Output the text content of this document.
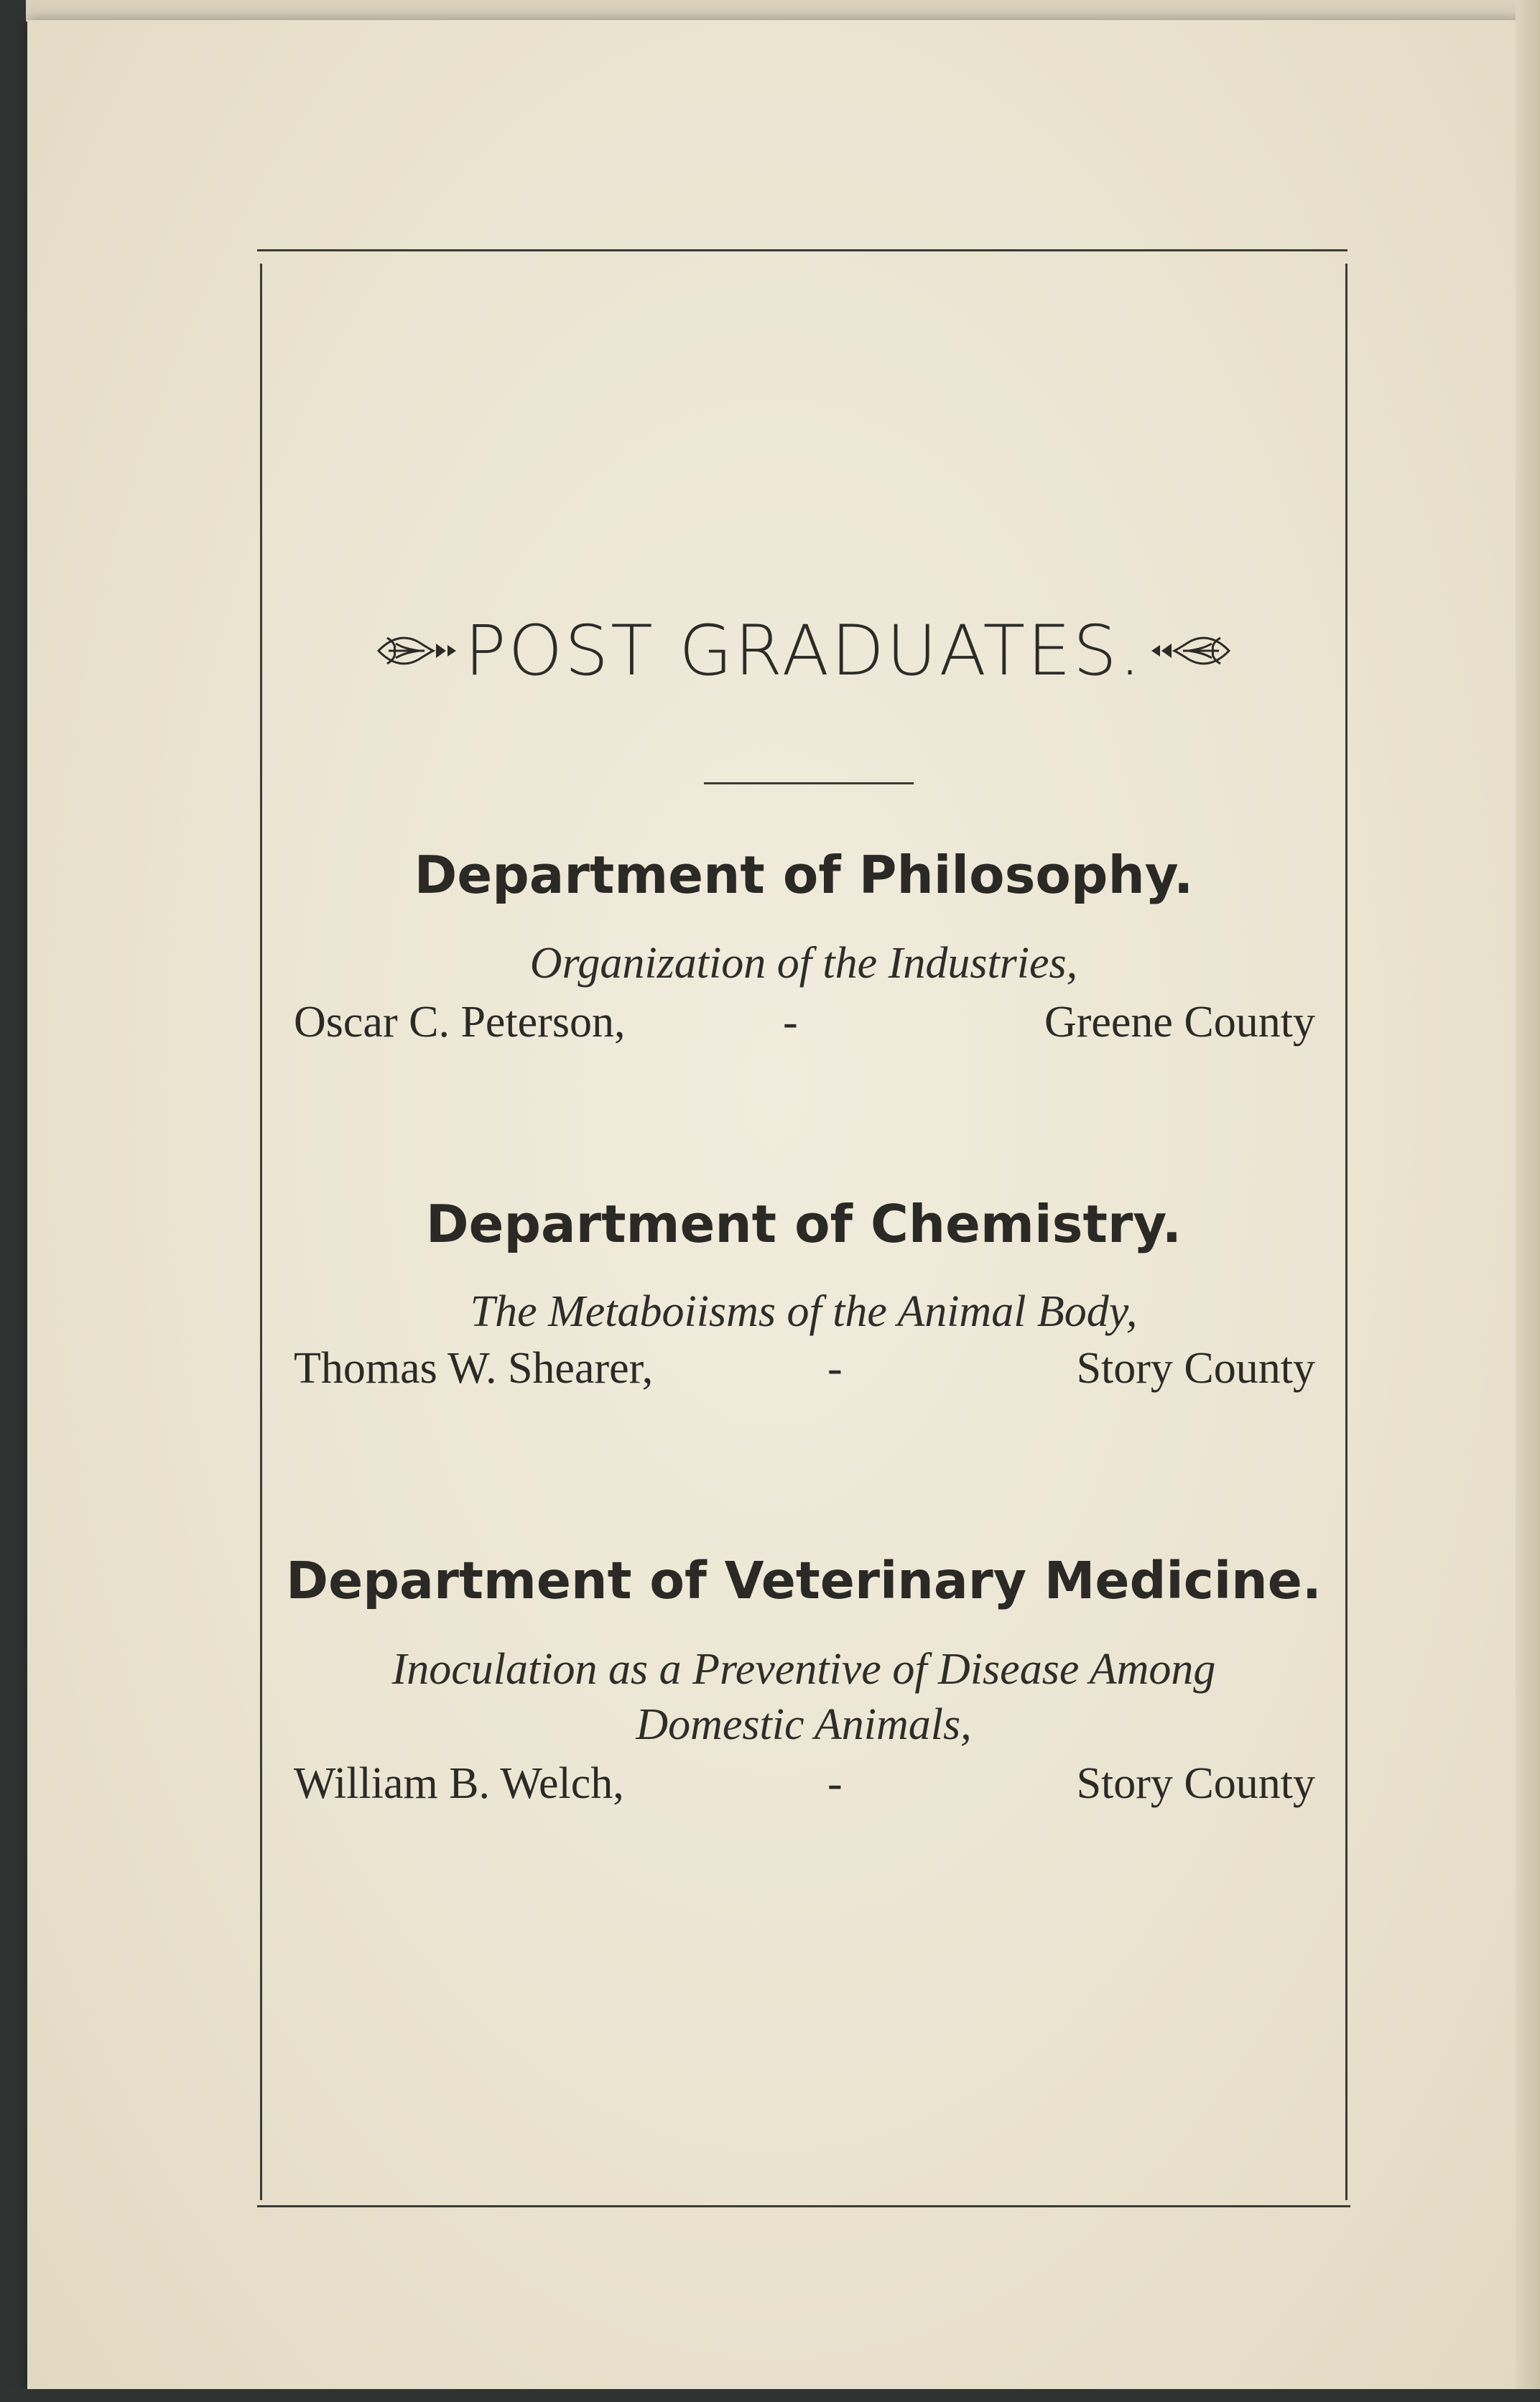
POST GRADUATES.
Department of Philosophy.
Organization of the Industries,
Oscar C. Peterson,	-	Greene County
Department of Chemistry.
The Metaboiisms of the Animal Body,
Thomas W. Shearer,	-	Story County
Department of Veterinary Medicine.
Inoculation as a Preventive of Disease Among
Domestic Animals,
William B. Welch,	-	Story County
